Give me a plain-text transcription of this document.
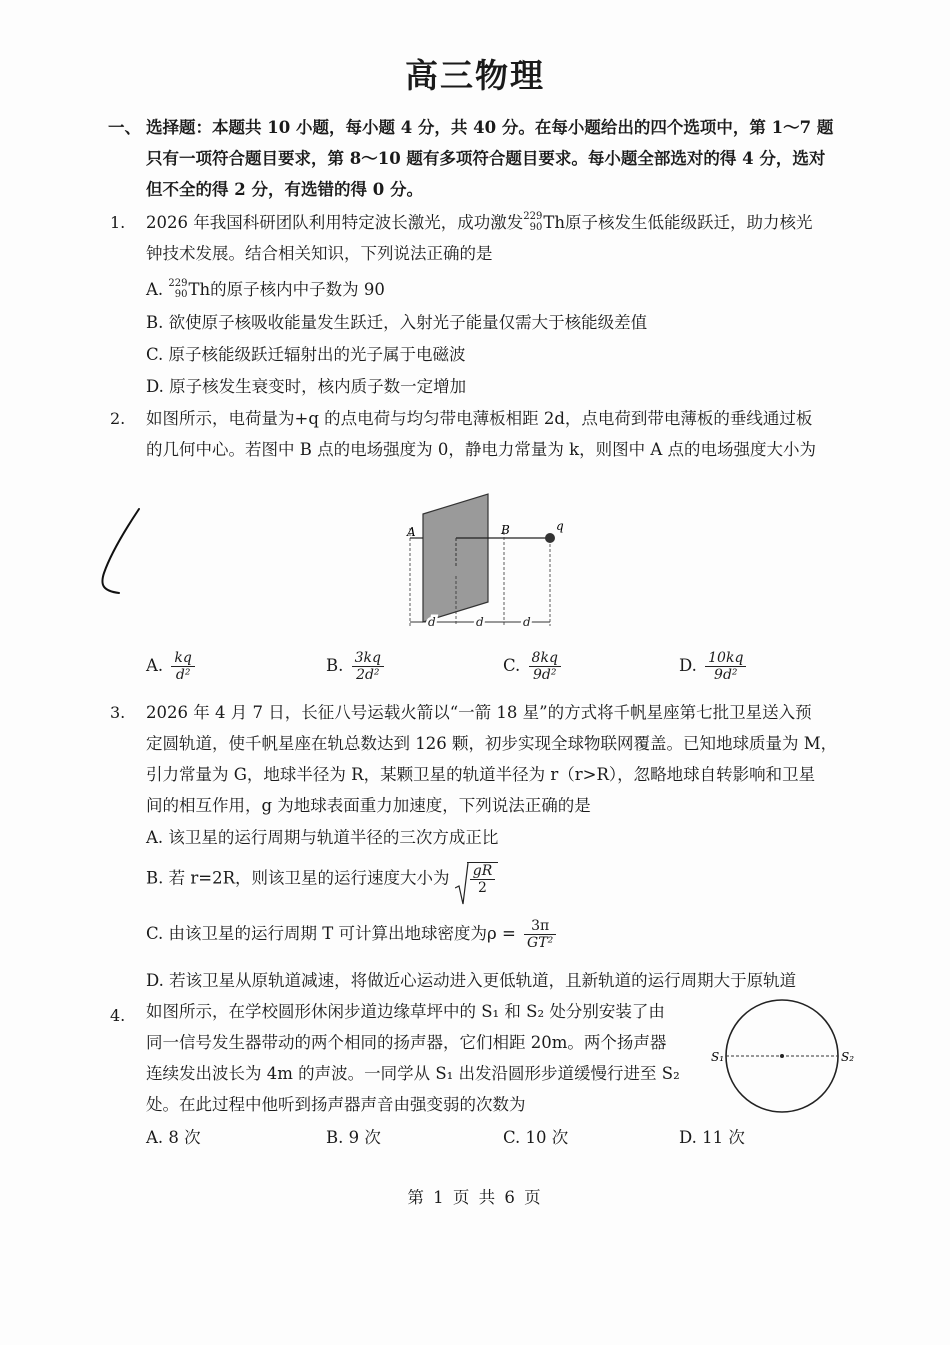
高三物理
一、 选择题：本题共 10 小题，每小题 4 分，共 40 分。在每小题给出的四个选项中，第 1～7 题
只有一项符合题目要求，第 8～10 题有多项符合题目要求。每小题全部选对的得 4 分，选对
但不全的得 2 分，有选错的得 0 分。
1. 2026 年我国科研团队利用特定波长激光，成功激发 229
90 Th原子核发生低能级跃迁，助力核光
钟技术发展。结合相关知识，下列说法正确的是
A. 229
90 Th的原子核内中子数为 90
B. 欲使原子核吸收能量发生跃迁，入射光子能量仅需大于核能级差值
C. 原子核能级跃迁辐射出的光子属于电磁波
D. 原子核发生衰变时，核内质子数一定增加
2. 如图所示，电荷量为+q 的点电荷与均匀带电薄板相距 2d，点电荷到带电薄板的垂线通过板
的几何中心。若图中 B 点的电场强度为 0，静电力常量为 k，则图中 A 点的电场强度大小为
A	B	q
d	d	d
A. $\frac{kq}{\text{d²}}$	B. $\frac{3kq}{\text{2d²}}$	C. $\frac{8kq}{\text{9d²}}$	D. $\frac{10kq}{\text{9d²}}$
3. 2026 年 4 月 7 日，长征八号运载火箭以“一箭 18 星”的方式将千帆星座第七批卫星送入预
定圆轨道，使千帆星座在轨总数达到 126 颗，初步实现全球物联网覆盖。已知地球质量为 M，
引力常量为 G，地球半径为 R，某颗卫星的轨道半径为 r（r>R），忽略地球自转影响和卫星
间的相互作用，g 为地球表面重力加速度，下列说法正确的是
A. 该卫星的运行周期与轨道半径的三次方成正比
B. 若 r=2R，则该卫星的运行速度大小为 $\frac{gR}{2}$
C. 由该卫星的运行周期 T 可计算出地球密度为$\rho = \frac{3\pi}{\text{GT²}}$
D. 若该卫星从原轨道减速，将做近心运动进入更低轨道，且新轨道的运行周期大于原轨道
4. 如图所示，在学校圆形休闲步道边缘草坪中的 S₁ 和 S₂ 处分别安装了由
同一信号发生器带动的两个相同的扬声器，它们相距 20m。两个扬声器
连续发出波长为 4m 的声波。一同学从 S₁ 出发沿圆形步道缓慢行进至 S₂
处。在此过程中他听到扬声器声音由强变弱的次数为
S₁	S₂
A. 8 次	B. 9 次	C. 10 次	D. 11 次
第 1 页 共 6 页
